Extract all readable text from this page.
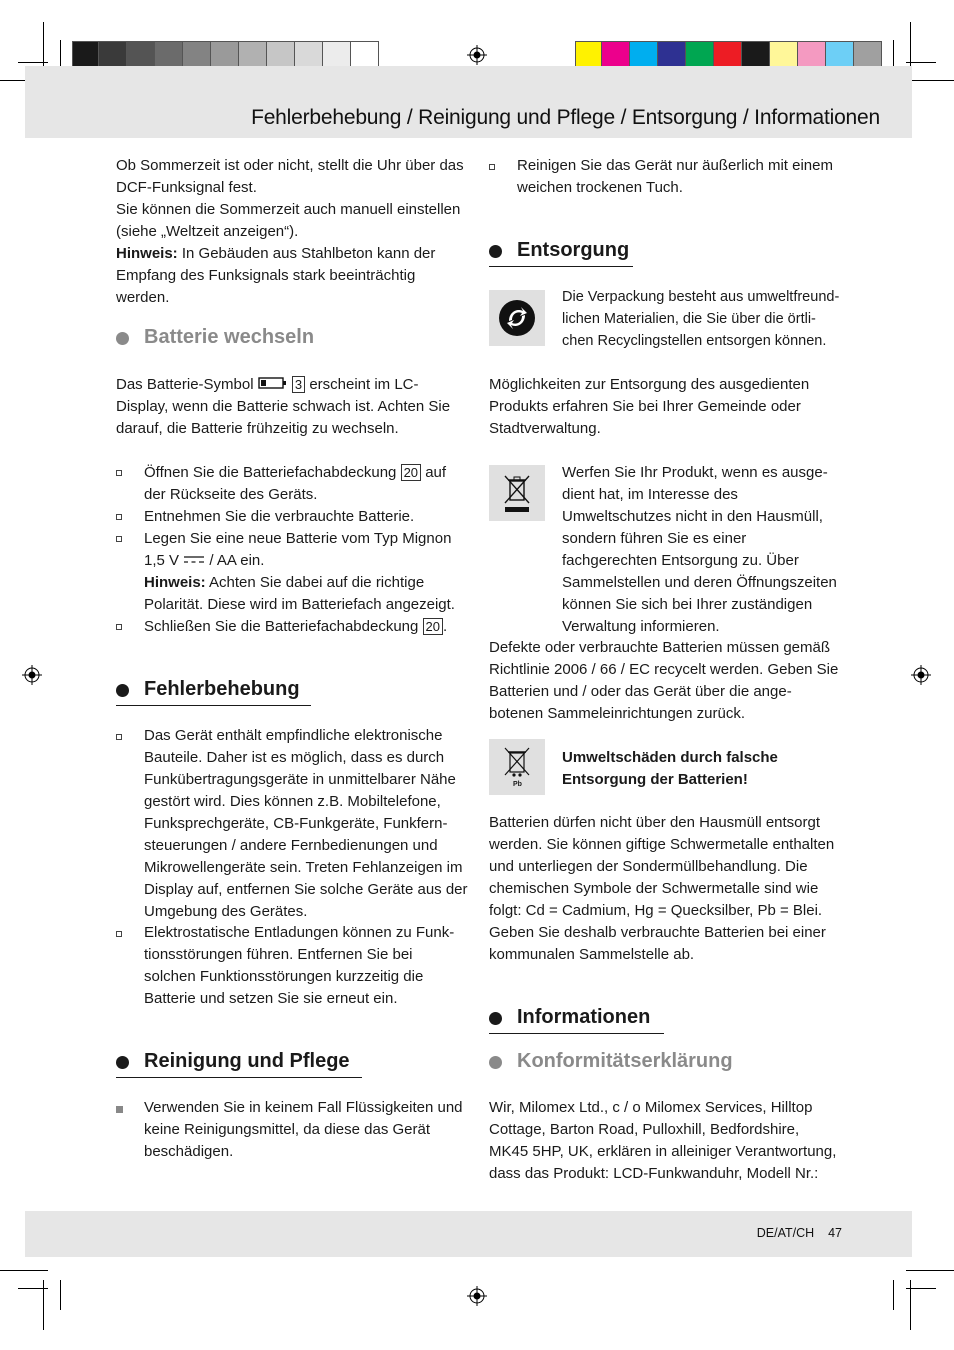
Fehlerbehebung / Reinigung und Pflege / Entsorgung / Informationen
Ob Sommerzeit ist oder nicht, stellt die Uhr über das DCF-Funksignal fest.
Sie können die Sommerzeit auch manuell einstellen (siehe „Weltzeit anzeigen“).
Hinweis: In Gebäuden aus Stahlbeton kann der Empfang des Funksignals stark beeinträchtig werden.
Batterie wechseln
Das Batterie-Symbol	3 erscheint im LC-Display, wenn die Batterie schwach ist. Achten Sie darauf, die Batterie frühzeitig zu wechseln.
Öffnen Sie die Batteriefachabdeckung 20 auf der Rückseite des Geräts.
Entnehmen Sie die verbrauchte Batterie.
Legen Sie eine neue Batterie vom Typ Mignon 1,5 V / AA ein.
Hinweis: Achten Sie dabei auf die richtige Polarität. Diese wird im Batteriefach angezeigt.
Schließen Sie die Batteriefachabdeckung 20 .
Fehlerbehebung
Das Gerät enthält empfindliche elektronische Bauteile. Daher ist es möglich, dass es durch Funkübertragungsgeräte in unmittelbarer Nähe gestört wird. Dies können z.B. Mobiltelefone, Funksprechgeräte, CB-Funkgeräte, Funkfern-steuerungen / andere Fernbedienungen und Mikrowellengeräte sein. Treten Fehlanzeigen im Display auf, entfernen Sie solche Geräte aus der Umgebung des Gerätes.
Elektrostatische Entladungen können zu Funk-tionsstörungen führen. Entfernen Sie bei solchen Funktionsstörungen kurzzeitig die Batterie und setzen Sie sie erneut ein.
Reinigung und Pflege
Verwenden Sie in keinem Fall Flüssigkeiten und keine Reinigungsmittel, da diese das Gerät beschädigen.
Reinigen Sie das Gerät nur äußerlich mit einem weichen trockenen Tuch.
Entsorgung
Die Verpackung besteht aus umweltfreund-lichen Materialien, die Sie über die örtli-chen Recyclingstellen entsorgen können.
Möglichkeiten zur Entsorgung des ausgedienten Produkts erfahren Sie bei Ihrer Gemeinde oder Stadtverwaltung.
Werfen Sie Ihr Produkt, wenn es ausge-dient hat, im Interesse des Umweltschutzes nicht in den Hausmüll, sondern führen Sie es einer fachgerechten Entsorgung zu. Über Sammelstellen und deren Öffnungszeiten können Sie sich bei Ihrer zuständigen Verwaltung informieren.
Defekte oder verbrauchte Batterien müssen gemäß Richtlinie 2006 / 66 / EC recycelt werden. Geben Sie Batterien und / oder das Gerät über die ange-botenen Sammeleinrichtungen zurück.
Pb
Umweltschäden durch falsche Entsorgung der Batterien!
Batterien dürfen nicht über den Hausmüll entsorgt werden. Sie können giftige Schwermetalle enthalten und unterliegen der Sondermüllbehandlung. Die chemischen Symbole der Schwermetalle sind wie folgt: Cd = Cadmium, Hg = Quecksilber, Pb = Blei. Geben Sie deshalb verbrauchte Batterien bei einer kommunalen Sammelstelle ab.
Informationen
Konformitätserklärung
Wir, Milomex Ltd., c / o Milomex Services, Hilltop Cottage, Barton Road, Pulloxhill, Bedfordshire, MK45 5HP, UK, erklären in alleiniger Verantwortung, dass das Produkt: LCD-Funkwanduhr, Modell Nr.:
DE/AT/CH 47
